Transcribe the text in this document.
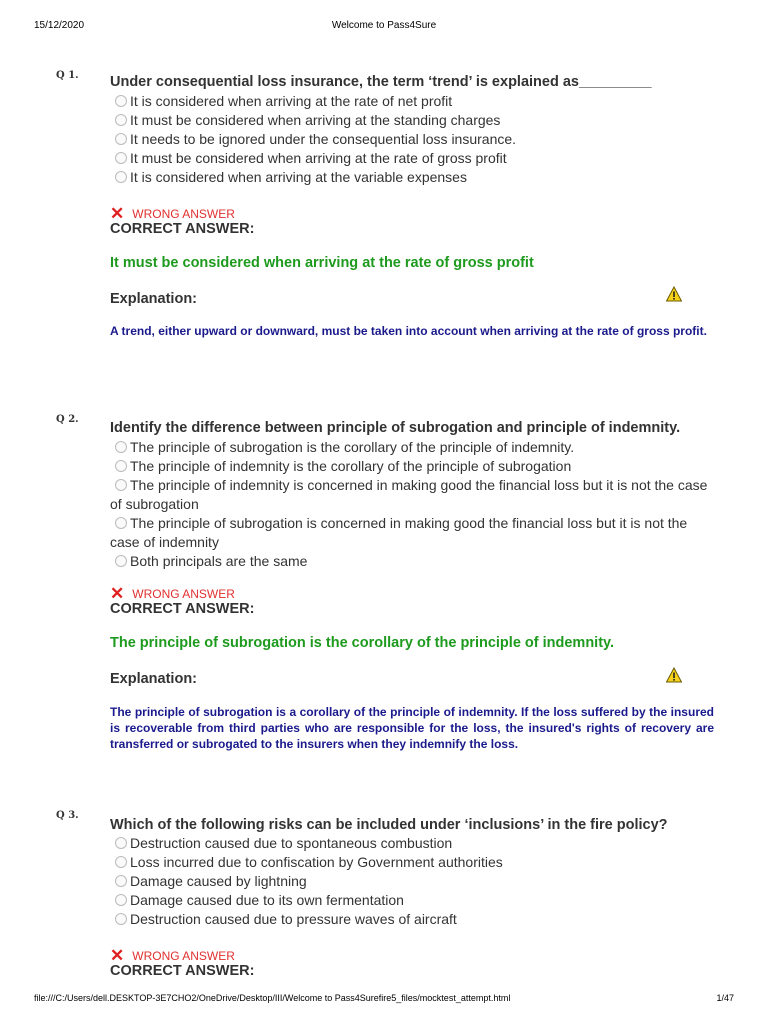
15/12/2020	Welcome to Pass4Sure
Q 1. Under consequential loss insurance, the term ‘trend’ is explained as_________
It is considered when arriving at the rate of net profit
It must be considered when arriving at the standing charges
It needs to be ignored under the consequential loss insurance.
It must be considered when arriving at the rate of gross profit
It is considered when arriving at the variable expenses
✕ WRONG ANSWER
CORRECT ANSWER:
It must be considered when arriving at the rate of gross profit
Explanation:
A trend, either upward or downward, must be taken into account when arriving at the rate of gross profit.
Q 2.
Identify the difference between principle of subrogation and principle of indemnity.
The principle of subrogation is the corollary of the principle of indemnity.
The principle of indemnity is the corollary of the principle of subrogation
The principle of indemnity is concerned in making good the financial loss but it is not the case of subrogation
The principle of subrogation is concerned in making good the financial loss but it is not the case of indemnity
Both principals are the same
✕ WRONG ANSWER
CORRECT ANSWER:
The principle of subrogation is the corollary of the principle of indemnity.
Explanation:
The principle of subrogation is a corollary of the principle of indemnity. If the loss suffered by the insured is recoverable from third parties who are responsible for the loss, the insured's rights of recovery are transferred or subrogated to the insurers when they indemnify the loss.
Q 3.
Which of the following risks can be included under ‘inclusions’ in the fire policy?
Destruction caused due to spontaneous combustion
Loss incurred due to confiscation by Government authorities
Damage caused by lightning
Damage caused due to its own fermentation
Destruction caused due to pressure waves of aircraft
✕ WRONG ANSWER
CORRECT ANSWER:
file:///C:/Users/dell.DESKTOP-3E7CHO2/OneDrive/Desktop/III/Welcome to Pass4Surefire5_files/mocktest_attempt.html	1/47
